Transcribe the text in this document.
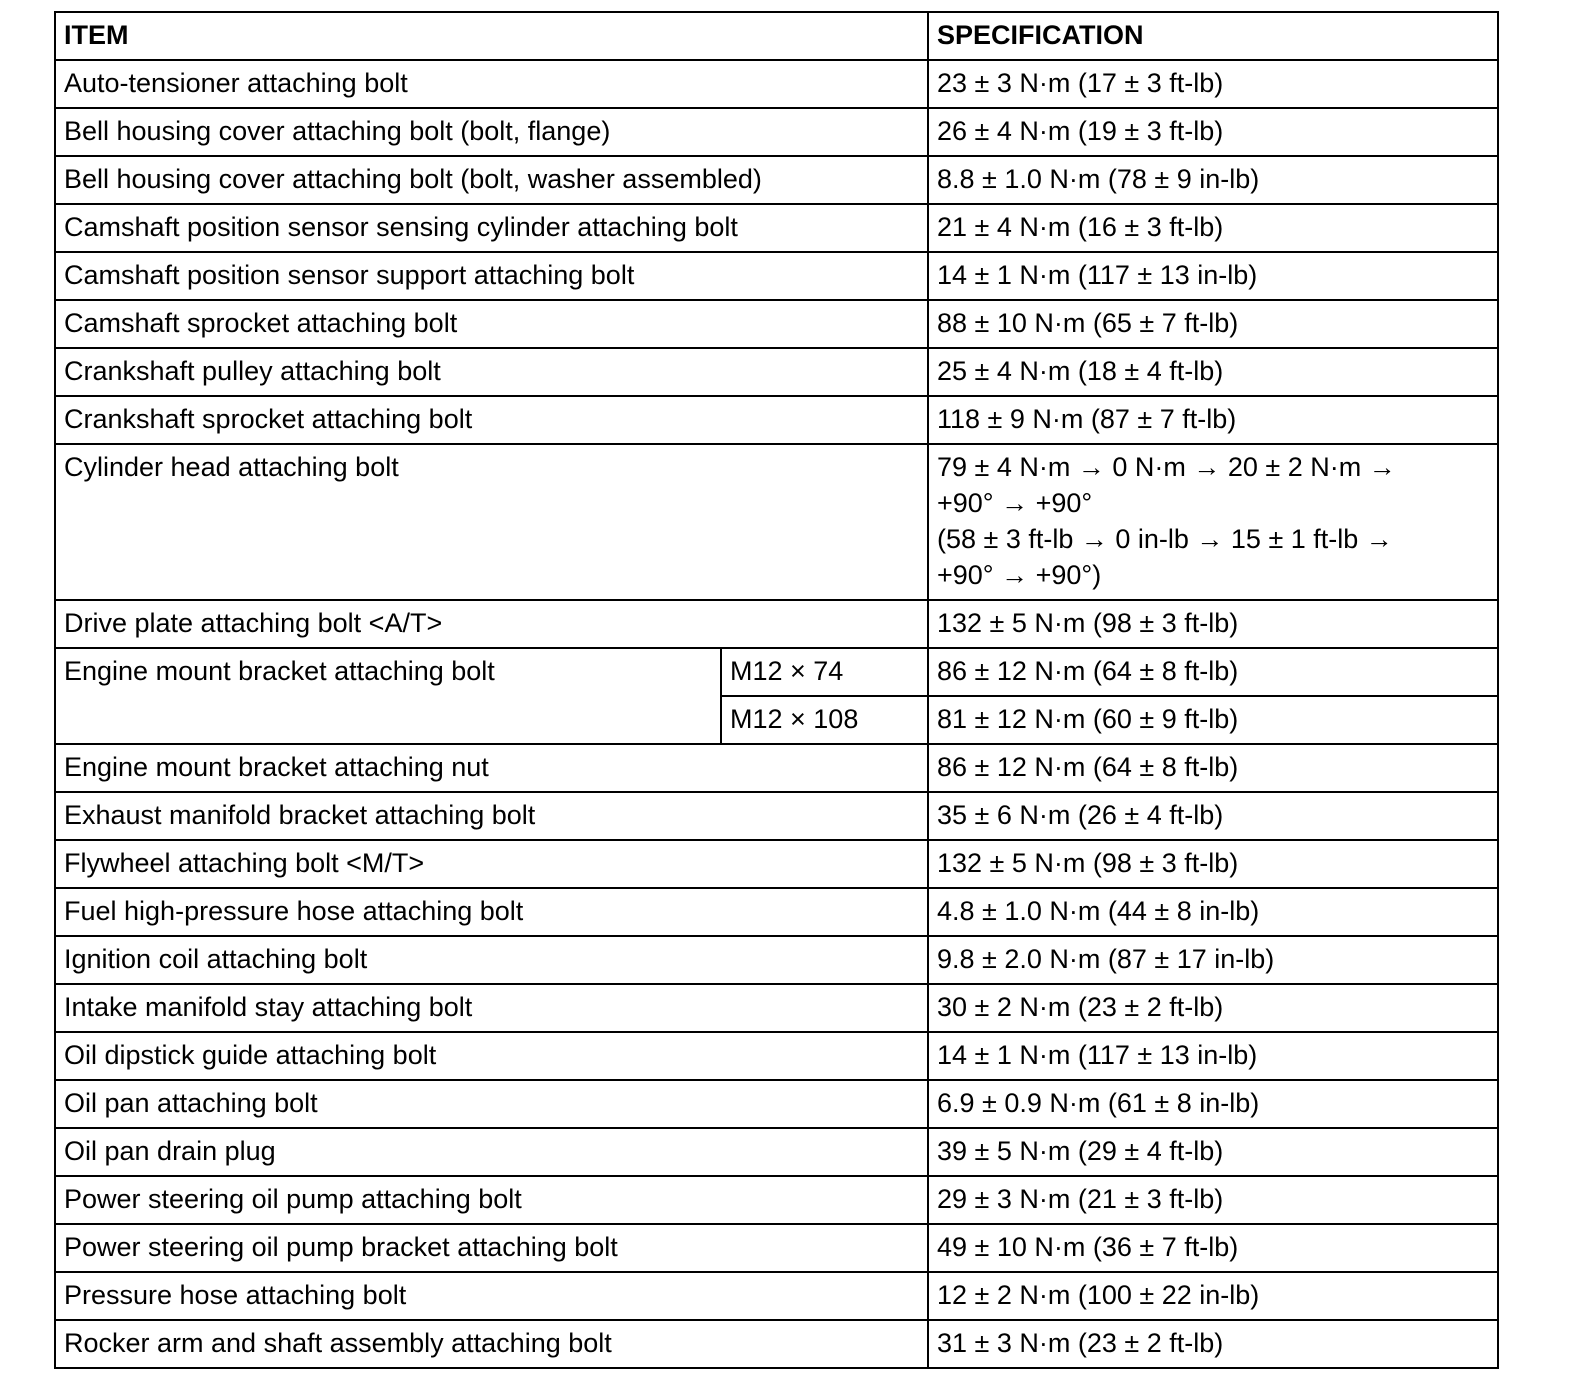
ITEM		SPECIFICATION
Auto-tensioner attaching bolt		23 ± 3 N·m (17 ± 3 ft-lb)
Bell housing cover attaching bolt (bolt, flange)		26 ± 4 N·m (19 ± 3 ft-lb)
Bell housing cover attaching bolt (bolt, washer assembled)		8.8 ± 1.0 N·m (78 ± 9 in-lb)
Camshaft position sensor sensing cylinder attaching bolt		21 ± 4 N·m (16 ± 3 ft-lb)
Camshaft position sensor support attaching bolt		14 ± 1 N·m (117 ± 13 in-lb)
Camshaft sprocket attaching bolt		88 ± 10 N·m (65 ± 7 ft-lb)
Crankshaft pulley attaching bolt		25 ± 4 N·m (18 ± 4 ft-lb)
Crankshaft sprocket attaching bolt		118 ± 9 N·m (87 ± 7 ft-lb)
Cylinder head attaching bolt		79 ± 4 N·m → 0 N·m → 20 ± 2 N·m →
+90° → +90°
(58 ± 3 ft-lb → 0 in-lb → 15 ± 1 ft-lb →
+90° → +90°)
Drive plate attaching bolt <A/T>		132 ± 5 N·m (98 ± 3 ft-lb)
Engine mount bracket attaching bolt	M12 × 74	86 ± 12 N·m (64 ± 8 ft-lb)
	M12 × 108	81 ± 12 N·m (60 ± 9 ft-lb)
Engine mount bracket attaching nut		86 ± 12 N·m (64 ± 8 ft-lb)
Exhaust manifold bracket attaching bolt		35 ± 6 N·m (26 ± 4 ft-lb)
Flywheel attaching bolt <M/T>		132 ± 5 N·m (98 ± 3 ft-lb)
Fuel high-pressure hose attaching bolt		4.8 ± 1.0 N·m (44 ± 8 in-lb)
Ignition coil attaching bolt		9.8 ± 2.0 N·m (87 ± 17 in-lb)
Intake manifold stay attaching bolt		30 ± 2 N·m (23 ± 2 ft-lb)
Oil dipstick guide attaching bolt		14 ± 1 N·m (117 ± 13 in-lb)
Oil pan attaching bolt		6.9 ± 0.9 N·m (61 ± 8 in-lb)
Oil pan drain plug		39 ± 5 N·m (29 ± 4 ft-lb)
Power steering oil pump attaching bolt		29 ± 3 N·m (21 ± 3 ft-lb)
Power steering oil pump bracket attaching bolt		49 ± 10 N·m (36 ± 7 ft-lb)
Pressure hose attaching bolt		12 ± 2 N·m (100 ± 22 in-lb)
Rocker arm and shaft assembly attaching bolt		31 ± 3 N·m (23 ± 2 ft-lb)
